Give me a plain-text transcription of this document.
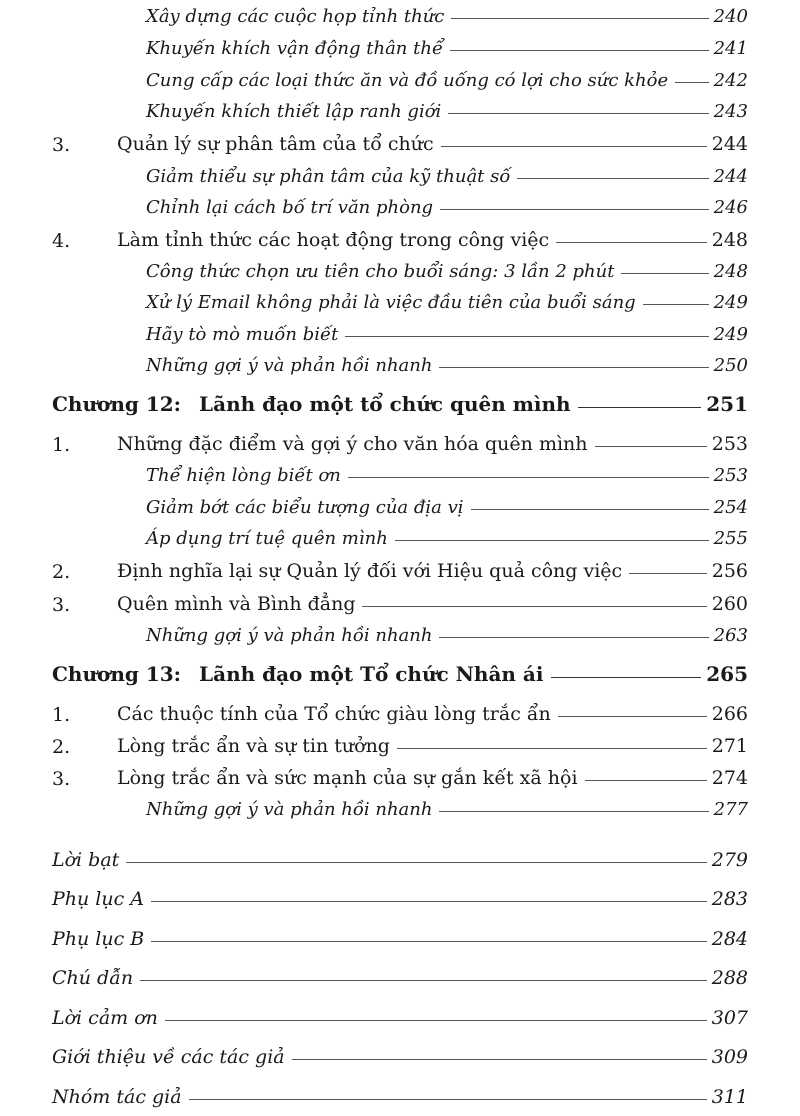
Xây dựng các cuộc họp tỉnh thức	240
Khuyến khích vận động thân thể	241
Cung cấp các loại thức ăn và đồ uống có lợi cho sức khỏe	242
Khuyến khích thiết lập ranh giới	243
3. Quản lý sự phân tâm của tổ chức	244
Giảm thiểu sự phân tâm của kỹ thuật số	244
Chỉnh lại cách bố trí văn phòng	246
4. Làm tỉnh thức các hoạt động trong công việc	248
Công thức chọn ưu tiên cho buổi sáng: 3 lần 2 phút	248
Xử lý Email không phải là việc đầu tiên của buổi sáng	249
Hãy tò mò muốn biết	249
Những gợi ý và phản hồi nhanh	250
Chương 12: Lãnh đạo một tổ chức quên mình	251
1. Những đặc điểm và gợi ý cho văn hóa quên mình	253
Thể hiện lòng biết ơn	253
Giảm bớt các biểu tượng của địa vị	254
Áp dụng trí tuệ quên mình	255
2. Định nghĩa lại sự Quản lý đối với Hiệu quả công việc	256
3. Quên mình và Bình đẳng	260
Những gợi ý và phản hồi nhanh	263
Chương 13: Lãnh đạo một Tổ chức Nhân ái	265
1. Các thuộc tính của Tổ chức giàu lòng trắc ẩn	266
2. Lòng trắc ẩn và sự tin tưởng	271
3. Lòng trắc ẩn và sức mạnh của sự gắn kết xã hội	274
Những gợi ý và phản hồi nhanh	277
Lời bạt	279
Phụ lục A	283
Phụ lục B	284
Chú dẫn	288
Lời cảm ơn	307
Giới thiệu về các tác giả	309
Nhóm tác giả	311
